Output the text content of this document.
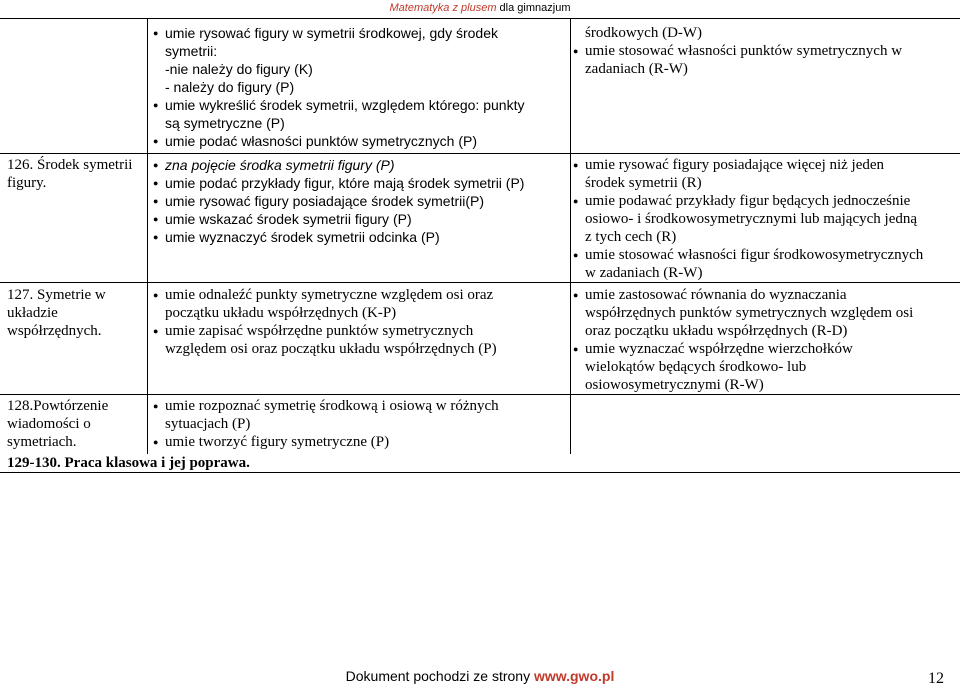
Matematyka z plusem dla gimnazjum
● umie rysować figury w symetrii środkowej, gdy środek
symetrii:
-nie należy do figury (K)
- należy do figury (P)
● umie wykreślić środek symetrii, względem którego: punkty
są symetryczne (P)
● umie podać własności punktów symetrycznych (P)
środkowych (D-W)
● umie stosować własności punktów symetrycznych w
zadaniach (R-W)
126. Środek symetrii
figury.
● zna pojęcie środka symetrii figury (P)
● umie podać przykłady figur, które mają środek symetrii (P)
● umie rysować figury posiadające środek symetrii(P)
● umie wskazać środek symetrii figury (P)
● umie wyznaczyć środek symetrii odcinka (P)
● umie rysować figury posiadające więcej niż jeden
środek symetrii (R)
● umie podawać przykłady figur będących jednocześnie
osiowo- i środkowosymetrycznymi lub mających jedną
z tych cech (R)
● umie stosować własności figur środkowosymetrycznych
w zadaniach (R-W)
127. Symetrie w
układzie
współrzędnych.
● umie odnaleźć punkty symetryczne względem osi oraz
początku układu współrzędnych (K-P)
● umie zapisać współrzędne punktów symetrycznych
względem osi oraz początku układu współrzędnych (P)
● umie zastosować równania do wyznaczania
współrzędnych punktów symetrycznych względem osi
oraz początku układu współrzędnych (R-D)
● umie wyznaczać współrzędne wierzchołków
wielokątów będących środkowo- lub
osiowosymetrycznymi (R-W)
128.Powtórzenie
wiadomości o
symetriach.
● umie rozpoznać symetrię środkową i osiową w różnych
sytuacjach (P)
● umie tworzyć figury symetryczne (P)
129-130. Praca klasowa i jej poprawa.
Dokument pochodzi ze strony www.gwo.pl	12
